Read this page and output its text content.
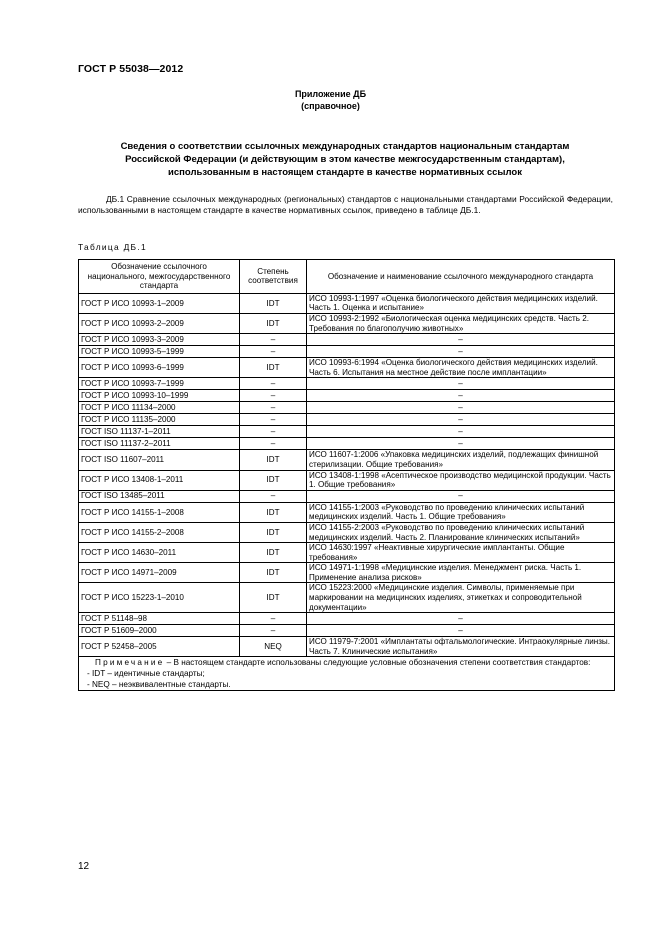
ГОСТ Р 55038—2012
Приложение ДБ
(справочное)
Сведения о соответствии ссылочных международных стандартов национальным стандартам
Российской Федерации (и действующим в этом качестве межгосударственным стандартам),
использованным в настоящем стандарте в качестве нормативных ссылок
ДБ.1 Сравнение ссылочных международных (региональных) стандартов с национальными стандартами Российской Федерации, использованными в настоящем стандарте в качестве нормативных ссылок, приведено в таблице ДБ.1.
Таблица ДБ.1
Обозначение ссылочного национального, межгосударственного стандарта	Степень соответствия	Обозначение и наименование ссылочного международного стандарта
ГОСТ Р ИСО 10993-1–2009	IDT	ИСО 10993-1:1997 «Оценка биологического действия медицинских изделий. Часть 1. Оценка и испытание»
ГОСТ Р ИСО 10993-2–2009	IDT	ИСО 10993-2:1992 «Биологическая оценка медицинских средств. Часть 2. Требования по благополучию животных»
ГОСТ Р ИСО 10993-3–2009	–	–
ГОСТ Р ИСО 10993-5–1999	–	–
ГОСТ Р ИСО 10993-6–1999	IDT	ИСО 10993-6:1994 «Оценка биологического действия медицинских изделий. Часть 6. Испытания на местное действие после имплантации»
ГОСТ Р ИСО 10993-7–1999	–	–
ГОСТ Р ИСО 10993-10–1999	–	–
ГОСТ Р ИСО 11134–2000	–	–
ГОСТ Р ИСО 11135–2000	–	–
ГОСТ ISO 11137-1–2011	–	–
ГОСТ ISO 11137-2–2011	–	–
ГОСТ ISO 11607–2011	IDT	ИСО 11607-1:2006 «Упаковка медицинских изделий, подлежащих финишной стерилизации. Общие требования»
ГОСТ Р ИСО 13408-1–2011	IDT	ИСО 13408-1:1998 «Асептическое производство медицинской продукции. Часть 1. Общие требования»
ГОСТ ISO 13485–2011	–	–
ГОСТ Р ИСО 14155-1–2008	IDT	ИСО 14155-1:2003 «Руководство по проведению клинических испытаний медицинских изделий. Часть 1. Общие требования»
ГОСТ Р ИСО 14155-2–2008	IDT	ИСО 14155-2:2003 «Руководство по проведению клинических испытаний медицинских изделий. Часть 2. Планирование клинических испытаний»
ГОСТ Р ИСО 14630–2011	IDT	ИСО 14630:1997 «Неактивные хирургические имплантанты. Общие требования»
ГОСТ Р ИСО 14971–2009	IDT	ИСО 14971-1:1998 «Медицинские изделия. Менеджмент риска. Часть 1. Применение анализа рисков»
ГОСТ Р ИСО 15223-1–2010	IDT	ИСО 15223:2000 «Медицинские изделия. Символы, применяемые при маркировании на медицинских изделиях, этикетках и сопроводительной документации»
ГОСТ Р 51148–98	–	–
ГОСТ Р 51609–2000	–	–
ГОСТ Р 52458–2005	NEQ	ИСО 11979-7:2001 «Имплантаты офтальмологические. Интраокулярные линзы. Часть 7. Клинические испытания»

Примечание – В настоящем стандарте использованы следующие условные обозначения степени соответствия стандартов:
- IDT – идентичные стандарты;
- NEQ – неэквивалентные стандарты.		
12
